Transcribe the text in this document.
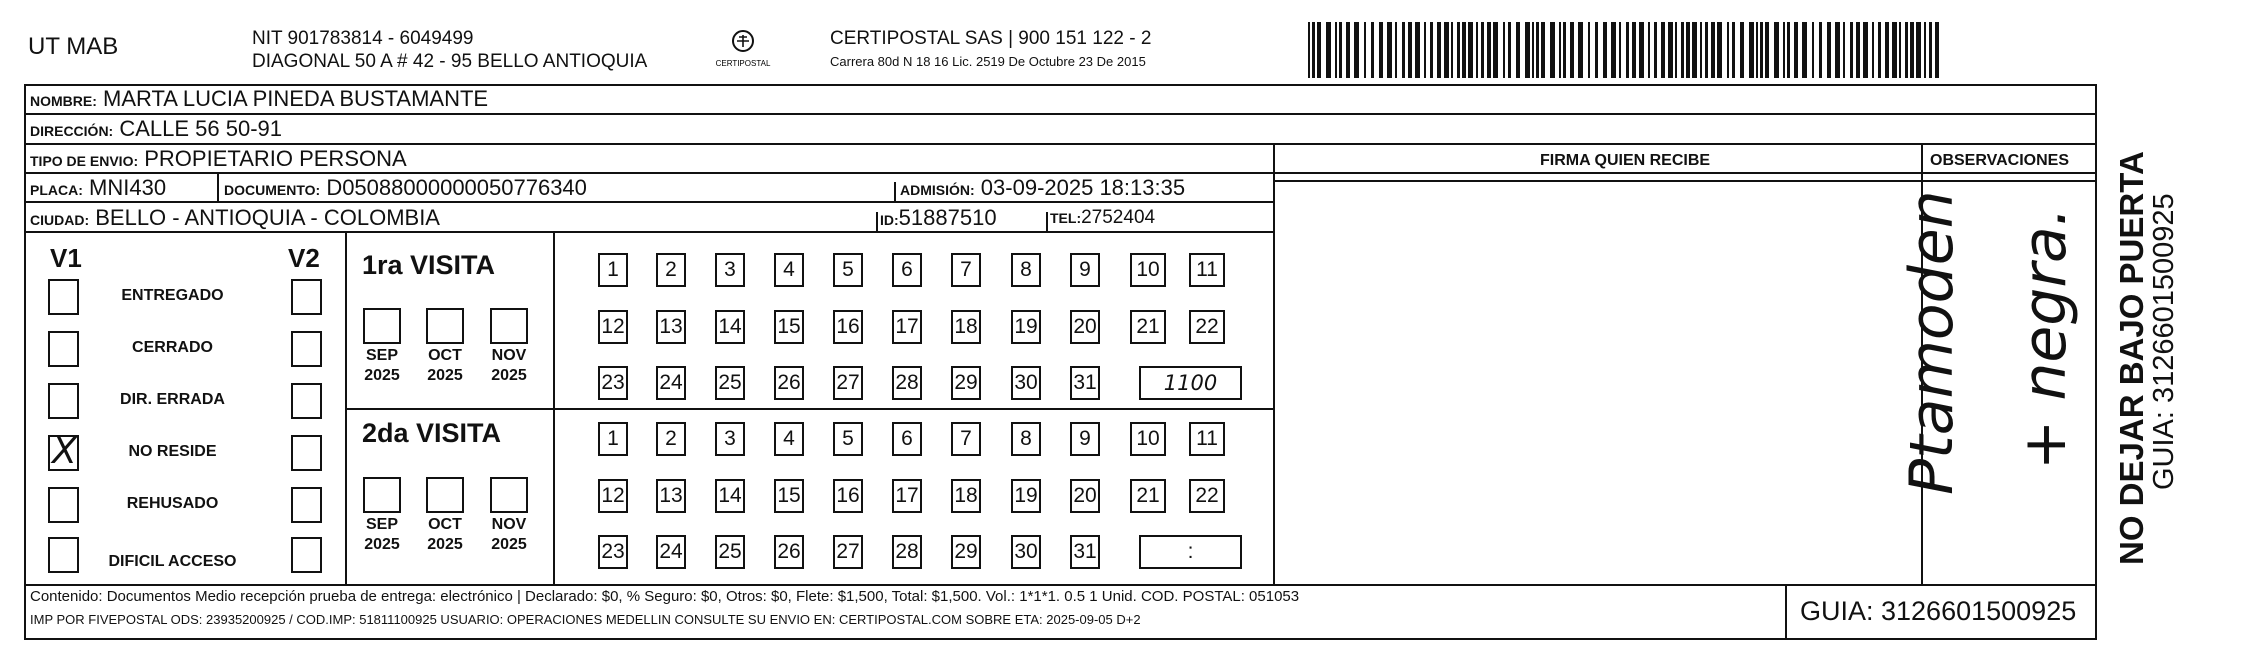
UT MAB	NIT 901783814 - 6049499
DIAGONAL 50 A # 42 - 95 BELLO ANTIOQUIA	CERTIPOSTAL
CERTIPOSTAL SAS | 900 151 122 - 2
Carrera 80d N 18 16 Lic. 2519 De Octubre 23 De 2015
NOMBRE: MARTA LUCIA PINEDA BUSTAMANTE
DIRECCIÓN: CALLE 56 50-91
TIPO DE ENVIO: PROPIETARIO PERSONA
PLACA: MNI430	DOCUMENTO: D05088000000050776340	ADMISIÓN: 03-09-2025 18:13:35
CIUDAD: BELLO - ANTIOQUIA - COLOMBIA	ID:51887510	TEL:2752404
FIRMA QUIEN RECIBE	OBSERVACIONES
V1	V2
ENTREGADO
CERRADO
DIR. ERRADA
X	NO RESIDE
REHUSADO
DIFICIL ACCESO
1ra VISITA
2da VISITA
1	2	3	4	5	6	7	8	9	10	11
12 13 14 15 16 17 18 19 20	21	22
23 24 25 26 27 28 29 30 31	1100
SEP
2025
OCT
2025
NOV
2025
1	2	3	4	5	6	7	8	9	10	11
12 13 14 15 16 17 18 19 20	21	22
23 24 25 26 27 28 29 30 31	:
SEP
2025
OCT
2025
NOV
2025
Ptamoden + negra.
Contenido: Documentos Medio recepción prueba de entrega: electrónico | Declarado: $0, % Seguro: $0, Otros: $0, Flete: $1,500, Total: $1,500. Vol.: 1*1*1. 0.5 1 Unid. COD. POSTAL: 051053
IMP POR FIVEPOSTAL ODS: 23935200925 / COD.IMP: 51811100925 USUARIO: OPERACIONES MEDELLIN CONSULTE SU ENVIO EN: CERTIPOSTAL.COM SOBRE ETA: 2025-09-05 D+2	GUIA: 3126601500925
NO DEJAR BAJO PUERTA
GUIA: 3126601500925
